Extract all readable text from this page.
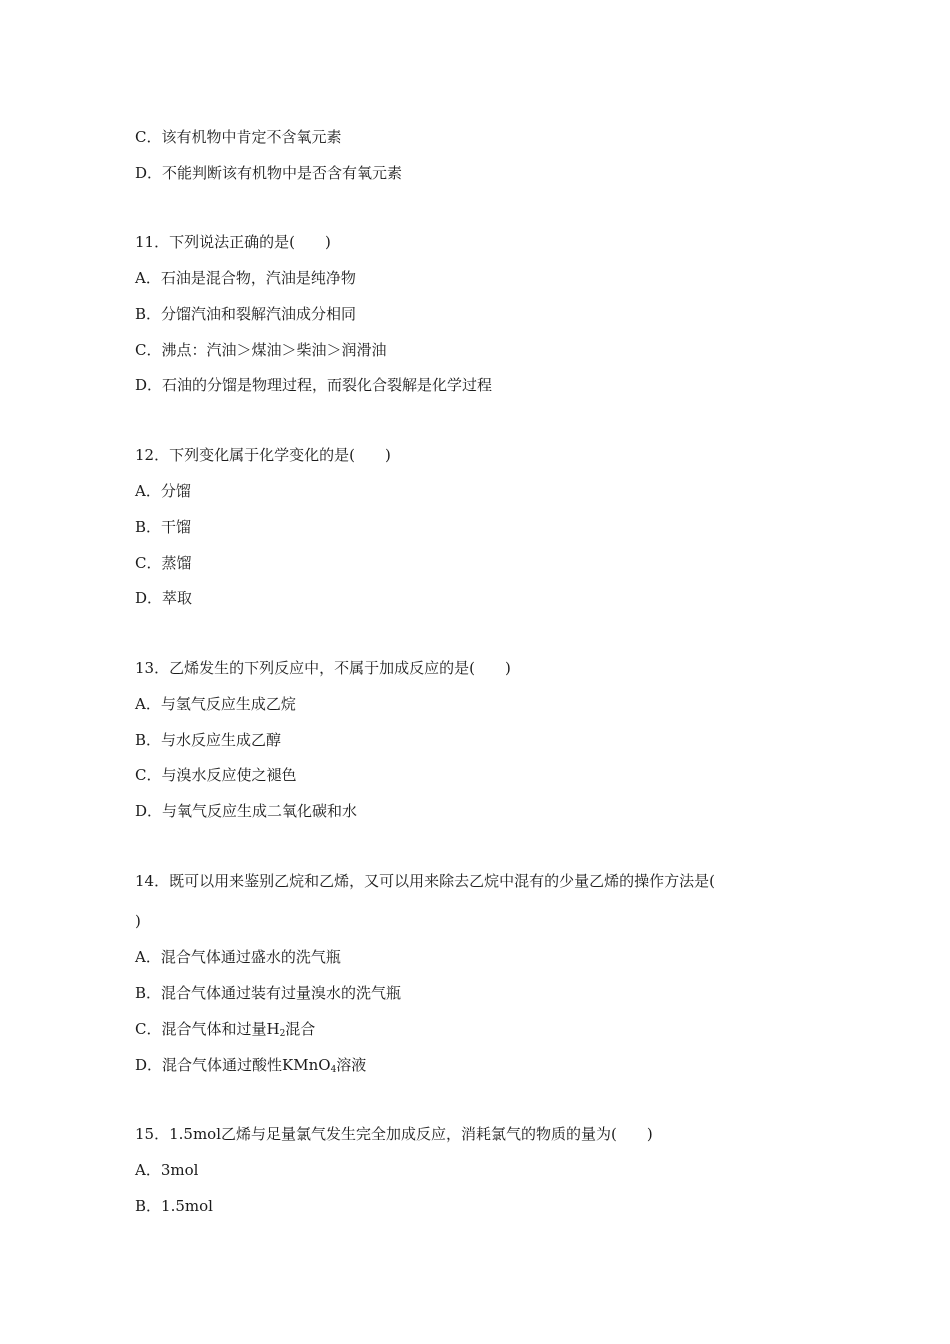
C．该有机物中肯定不含氧元素
D．不能判断该有机物中是否含有氧元素
11．下列说法正确的是(　　)
A．石油是混合物，汽油是纯净物
B．分馏汽油和裂解汽油成分相同
C．沸点：汽油＞煤油＞柴油＞润滑油
D．石油的分馏是物理过程，而裂化合裂解是化学过程
12．下列变化属于化学变化的是(　　)
A．分馏
B．干馏
C．蒸馏
D．萃取
13．乙烯发生的下列反应中，不属于加成反应的是(　　)
A．与氢气反应生成乙烷
B．与水反应生成乙醇
C．与溴水反应使之褪色
D．与氧气反应生成二氧化碳和水
14．既可以用来鉴别乙烷和乙烯，又可以用来除去乙烷中混有的少量乙烯的操作方法是(
)
A．混合气体通过盛水的洗气瓶
B．混合气体通过装有过量溴水的洗气瓶
C．混合气体和过量$H_2$混合
D．混合气体通过酸性KMnO$_4$溶液
15．1.5mol乙烯与足量氯气发生完全加成反应，消耗氯气的物质的量为(　　)
A．3mol
B．1.5mol
